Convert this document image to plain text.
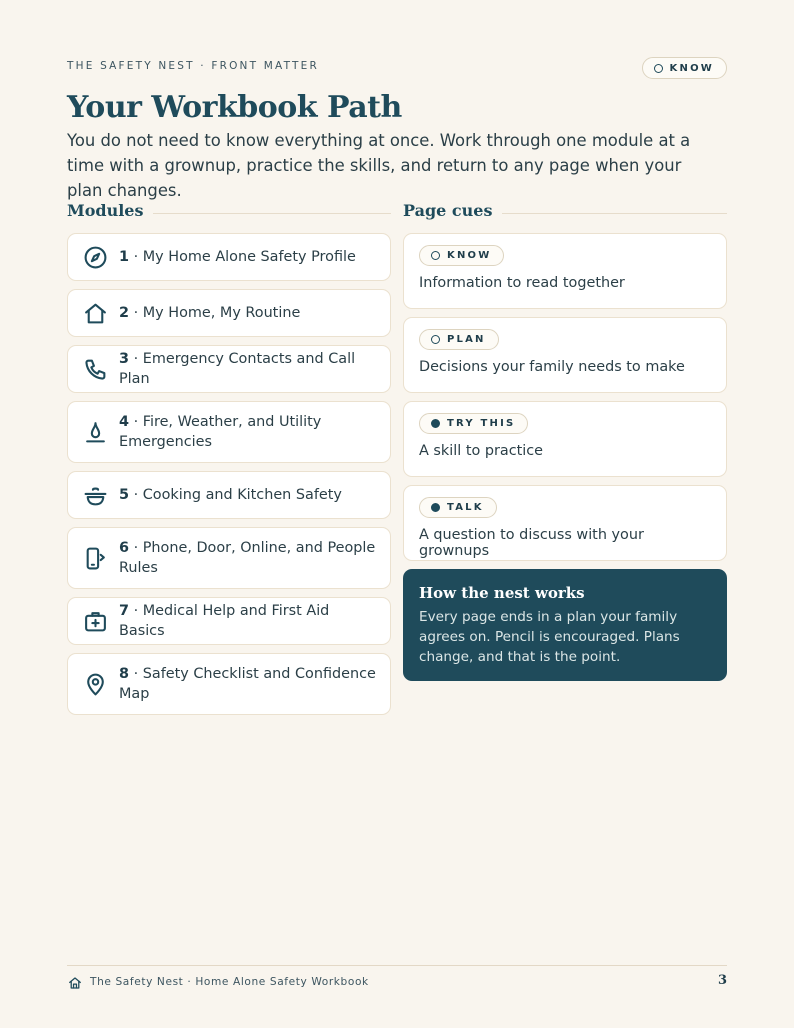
THE SAFETY NEST · FRONT MATTER	KNOW
Your Workbook Path

You do not need to know everything at once. Work through one module at a time with a grownup, practice the skills, and return to any page when your plan changes.

Modules
1 · My Home Alone Safety Profile
2 · My Home, My Routine
3 · Emergency Contacts and Call Plan
4 · Fire, Weather, and Utility Emergencies
5 · Cooking and Kitchen Safety
6 · Phone, Door, Online, and People Rules
7 · Medical Help and First Aid Basics
8 · Safety Checklist and Confidence Map
Page cues
KNOW
Information to read together
PLAN
Decisions your family needs to make
TRY THIS
A skill to practice
TALK
A question to discuss with your grownups
How the nest works

Every page ends in a plan your family agrees on. Pencil is encouraged. Plans change, and that is the point.

The Safety Nest · Home Alone Safety Workbook	3
